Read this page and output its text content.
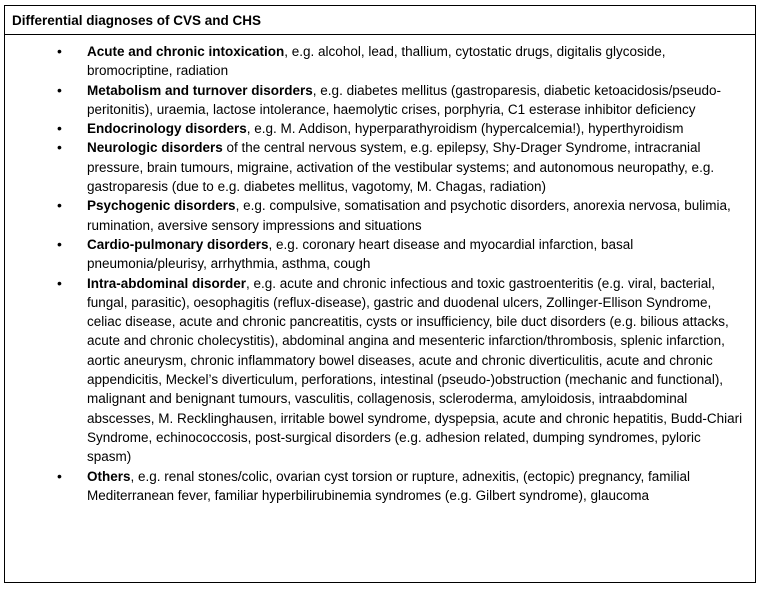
Differential diagnoses of CVS and CHS
• Acute and chronic intoxication, e.g. alcohol, lead, thallium, cytostatic drugs, digitalis glycoside, bromocriptine, radiation
• Metabolism and turnover disorders, e.g. diabetes mellitus (gastroparesis, diabetic ketoacidosis/pseudo-peritonitis), uraemia, lactose intolerance, haemolytic crises, porphyria, C1 esterase inhibitor deficiency
• Endocrinology disorders, e.g. M. Addison, hyperparathyroidism (hypercalcemia!), hyperthyroidism
• Neurologic disorders of the central nervous system, e.g. epilepsy, Shy-Drager Syndrome, intracranial pressure, brain tumours, migraine, activation of the vestibular systems; and autonomous neuropathy, e.g. gastroparesis (due to e.g. diabetes mellitus, vagotomy, M. Chagas, radiation)
• Psychogenic disorders, e.g. compulsive, somatisation and psychotic disorders, anorexia nervosa, bulimia, rumination, aversive sensory impressions and situations
• Cardio-pulmonary disorders, e.g. coronary heart disease and myocardial infarction, basal pneumonia/pleurisy, arrhythmia, asthma, cough
• Intra-abdominal disorder, e.g. acute and chronic infectious and toxic gastroenteritis (e.g. viral, bacterial, fungal, parasitic), oesophagitis (reflux-disease), gastric and duodenal ulcers, Zollinger-Ellison Syndrome, celiac disease, acute and chronic pancreatitis, cysts or insufficiency, bile duct disorders (e.g. bilious attacks, acute and chronic cholecystitis), abdominal angina and mesenteric infarction/thrombosis, splenic infarction, aortic aneurysm, chronic inflammatory bowel diseases, acute and chronic diverticulitis, acute and chronic appendicitis, Meckel’s diverticulum, perforations, intestinal (pseudo-)obstruction (mechanic and functional), malignant and benignant tumours, vasculitis, collagenosis, scleroderma, amyloidosis, intraabdominal abscesses, M. Recklinghausen, irritable bowel syndrome, dyspepsia, acute and chronic hepatitis, Budd-Chiari Syndrome, echinococcosis, post-surgical disorders (e.g. adhesion related, dumping syndromes, pyloric spasm)
• Others, e.g. renal stones/colic, ovarian cyst torsion or rupture, adnexitis, (ectopic) pregnancy, familial Mediterranean fever, familiar hyperbilirubinemia syndromes (e.g. Gilbert syndrome), glaucoma
